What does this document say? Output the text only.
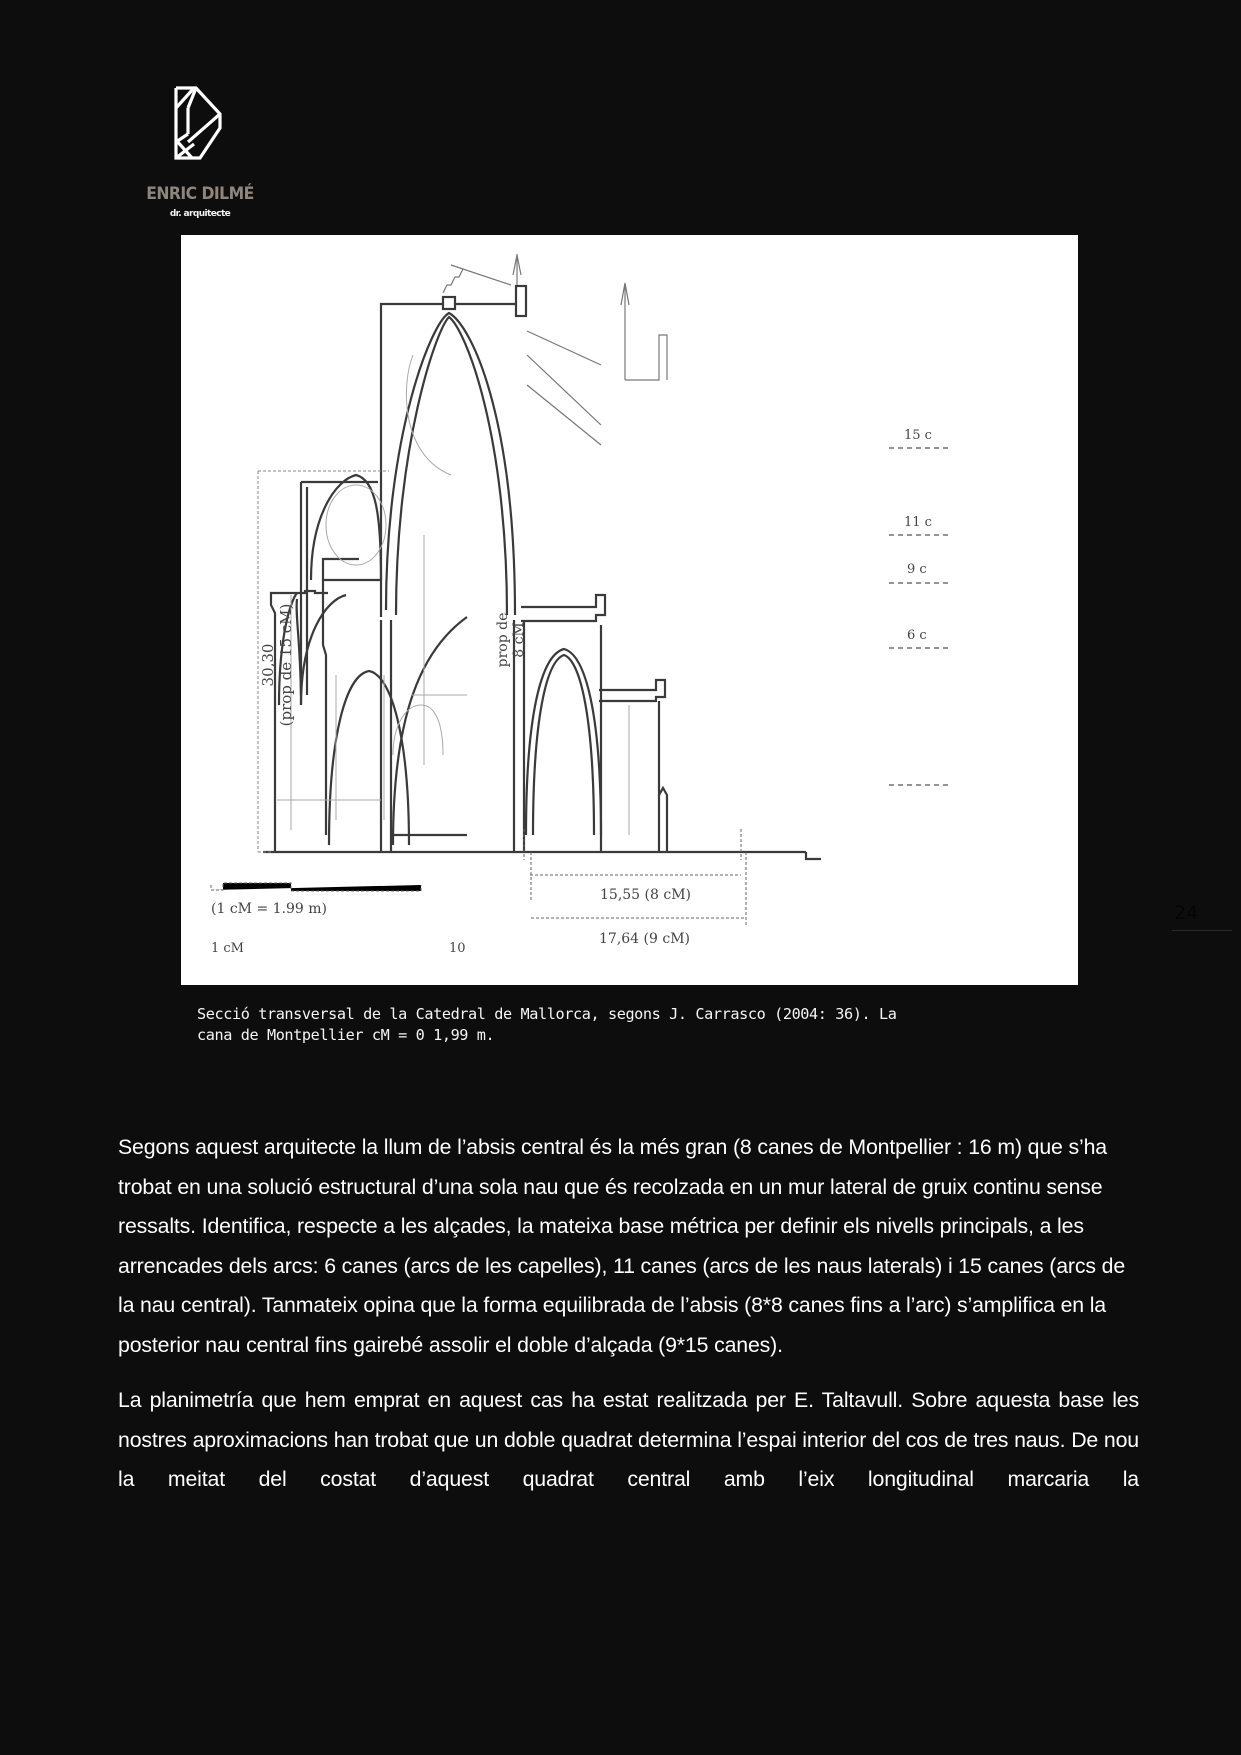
ENRIC DILMÉ
dr. arquitecte
30,30 (prop de 15 cM)	prop de 8 cM
(1 cM = 1.99 m)
1 cM	10
15,55 (8 cM)
17,64 (9 cM)
15 c
11 c
9 c
6 c
Secció transversal de la Catedral de Mallorca, segons J. Carrasco (2004: 36). La
cana de Montpellier cM = 0 1,99 m.
24

Segons aquest arquitecte la llum de l’absis central és la més gran (8 canes de Montpellier : 16 m) que s’ha trobat en una solució estructural d’una sola nau que és recolzada en un mur lateral de gruix continu sense ressalts. Identifica, respecte a les alçades, la mateixa base métrica per definir els nivells principals, a les arrencades dels arcs: 6 canes (arcs de les capelles), 11 canes (arcs de les naus laterals) i 15 canes (arcs de la nau central). Tanmateix opina que la forma equilibrada de l’absis (8*8 canes fins a l’arc) s’amplifica en la posterior nau central fins gairebé assolir el doble d’alçada (9*15 canes).

La planimetría que hem emprat en aquest cas ha estat realitzada per E. Taltavull. Sobre aquesta base les nostres aproximacions han trobat que un doble quadrat determina l’espai interior del cos de tres naus. De nou la meitat del costat d’aquest quadrat central amb l’eix longitudinal marcaria la
